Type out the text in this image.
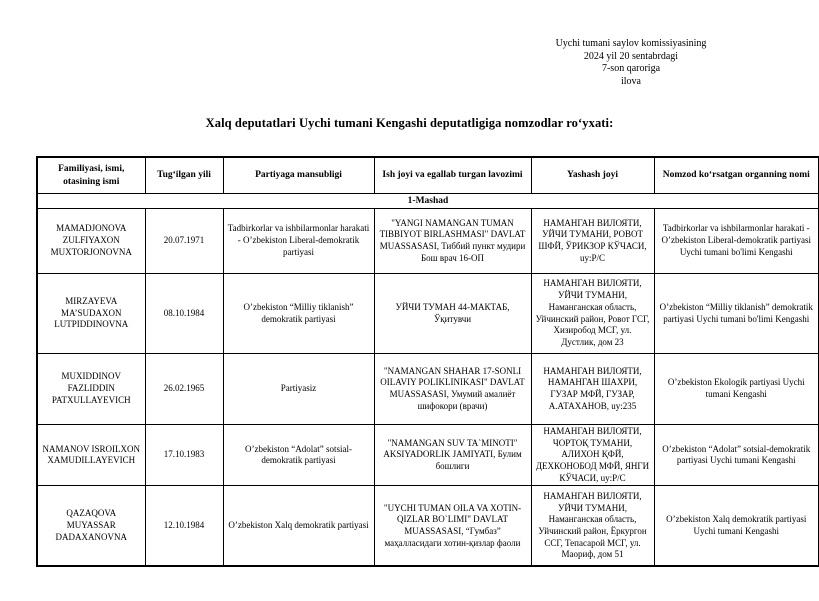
Uychi tumani saylov komissiyasining
2024 yil 20 sentabrdagi
7-son qaroriga
ilova
Xalq deputatlari Uychi tumani Kengashi deputatligiga nomzodlar roʻyxati:
Familiyasi, ismi, otasining ismi	Tugʻilgan yili	Partiyaga mansubligi	Ish joyi va egallab turgan lavozimi	Yashash joyi	Nomzod koʻrsatgan organning nomi
1-Mashad					
MAMADJONOVA ZULFIYAXON MUXTORJONOVNA	20.07.1971	Tadbirkorlar va ishbilarmonlar harakati - O’zbekiston Liberal-demokratik partiyasi	"YANGI NAMANGAN TUMAN TIBBIYOT BIRLASHMASI" DAVLAT MUASSASASI, Тиббий пункт мудири Бош врач 16-ОП	НАМАНГАН ВИЛОЯТИ, УЙЧИ ТУМАНИ, РОВОТ ШФЙ, ЎРИКЗОР КЎЧАСИ, uy:Р/С	Tadbirkorlar va ishbilarmonlar harakati - O’zbekiston Liberal-demokratik partiyasi Uychi tumani bo'limi Kengashi
MIRZAYEVA MA’SUDAXON LUTPIDDINOVNA	08.10.1984	O’zbekiston “Milliy tiklanish” demokratik partiyasi	УЙЧИ ТУМАН 44-МАКТАБ, Ўқитувчи	НАМАНГАН ВИЛОЯТИ, УЙЧИ ТУМАНИ, Наманганская область, Уйчинский район, Ровот ГСГ, Хизиробод МСГ, ул. Дустлик, дом 23	O’zbekiston “Milliy tiklanish” demokratik partiyasi Uychi tumani bo'limi Kengashi
MUXIDDINOV FAZLIDDIN PATXULLAYEVICH	26.02.1965	Partiyasiz	"NAMANGAN SHAHAR 17-SONLI OILAVIY POLIKLINIKASI" DAVLAT MUASSASASI, Умумий амалиёт шифокори (врачи)	НАМАНГАН ВИЛОЯТИ, НАМАНГАН ШАХРИ, ГУЗАР МФЙ, ГУЗАР, А.АТАХАНОВ, uy:235	O’zbekiston Ekologik partiyasi Uychi tumani Kengashi
NAMANOV ISROILXON XAMUDILLAYEVICH	17.10.1983	O’zbekiston “Adolat” sotsial-demokratik partiyasi	"NAMANGAN SUV TA`MINOTI" AKSIYADORLIK JAMIYATI, Булим бошлиги	НАМАНГАН ВИЛОЯТИ, ЧОРТОҚ ТУМАНИ, АЛИХОН ҚФЙ, ДЕХКОНОБОД МФЙ, ЯНГИ КЎЧАСИ, uy:Р/С	O’zbekiston “Adolat” sotsial-demokratik partiyasi Uychi tumani Kengashi
QAZAQOVA MUYASSAR DADAXANOVNA	12.10.1984	O’zbekiston Xalq demokratik partiyasi	"UYCHI TUMAN OILA VA XOTIN-QIZLAR BO`LIMI" DAVLAT MUASSASASI, “Гумбаз” маҳалласидаги хотин-қизлар фаоли	НАМАНГАН ВИЛОЯТИ, УЙЧИ ТУМАНИ, Наманганская область, Уйчинский район, Ёркургон ССГ, Тепасарой МСГ, ул. Маориф, дом 51	O’zbekiston Xalq demokratik partiyasi Uychi tumani Kengashi
